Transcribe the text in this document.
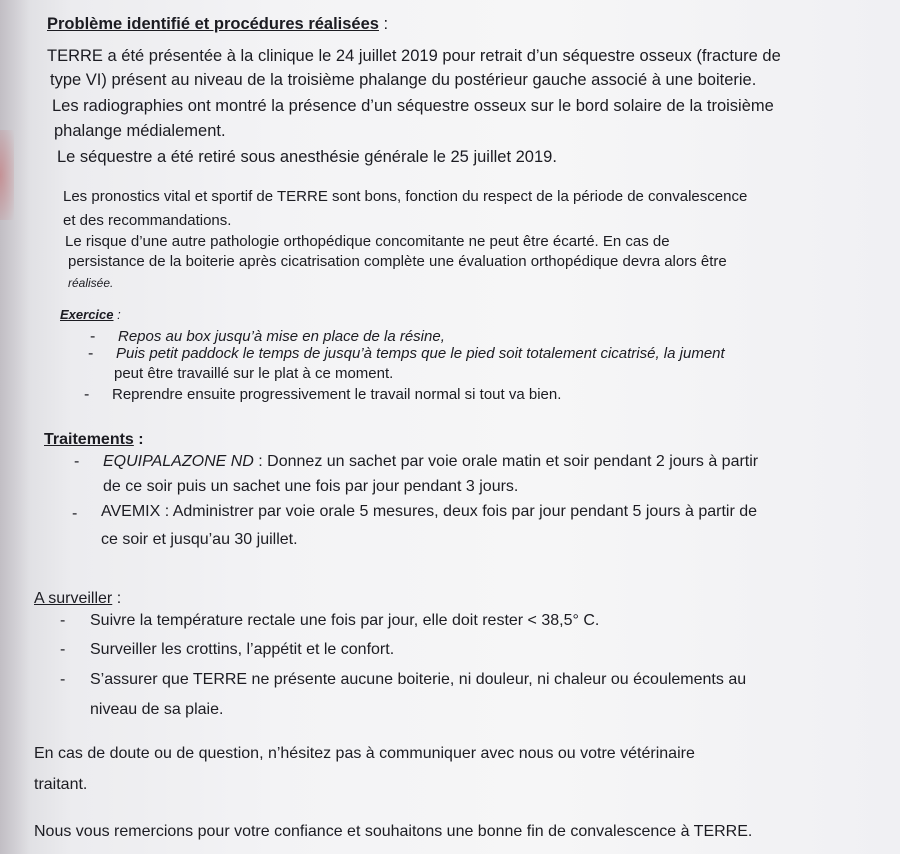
Problème identifié et procédures réalisées :
TERRE a été présentée à la clinique le 24 juillet 2019 pour retrait d’un séquestre osseux (fracture de
type VI) présent au niveau de la troisième phalange du postérieur gauche associé à une boiterie.
Les radiographies ont montré la présence d’un séquestre osseux sur le bord solaire de la troisième
phalange médialement.
Le séquestre a été retiré sous anesthésie générale le 25 juillet 2019.
Les pronostics vital et sportif de TERRE sont bons, fonction du respect de la période de convalescence
et des recommandations.
Le risque d’une autre pathologie orthopédique concomitante ne peut être écarté. En cas de
persistance de la boiterie après cicatrisation complète une évaluation orthopédique devra alors être
réalisée.
Exercice :
- Repos au box jusqu’à mise en place de la résine,
- Puis petit paddock le temps de jusqu’à temps que le pied soit totalement cicatrisé, la jument
peut être travaillé sur le plat à ce moment.
- Reprendre ensuite progressivement le travail normal si tout va bien.
Traitements :
- EQUIPALAZONE ND : Donnez un sachet par voie orale matin et soir pendant 2 jours à partir
de ce soir puis un sachet une fois par jour pendant 3 jours.
- AVEMIX : Administrer par voie orale 5 mesures, deux fois par jour pendant 5 jours à partir de
ce soir et jusqu’au 30 juillet.
A surveiller :
- Suivre la température rectale une fois par jour, elle doit rester < 38,5° C.
- Surveiller les crottins, l’appétit et le confort.
- S’assurer que TERRE ne présente aucune boiterie, ni douleur, ni chaleur ou écoulements au
niveau de sa plaie.
En cas de doute ou de question, n’hésitez pas à communiquer avec nous ou votre vétérinaire
traitant.
Nous vous remercions pour votre confiance et souhaitons une bonne fin de convalescence à TERRE.
